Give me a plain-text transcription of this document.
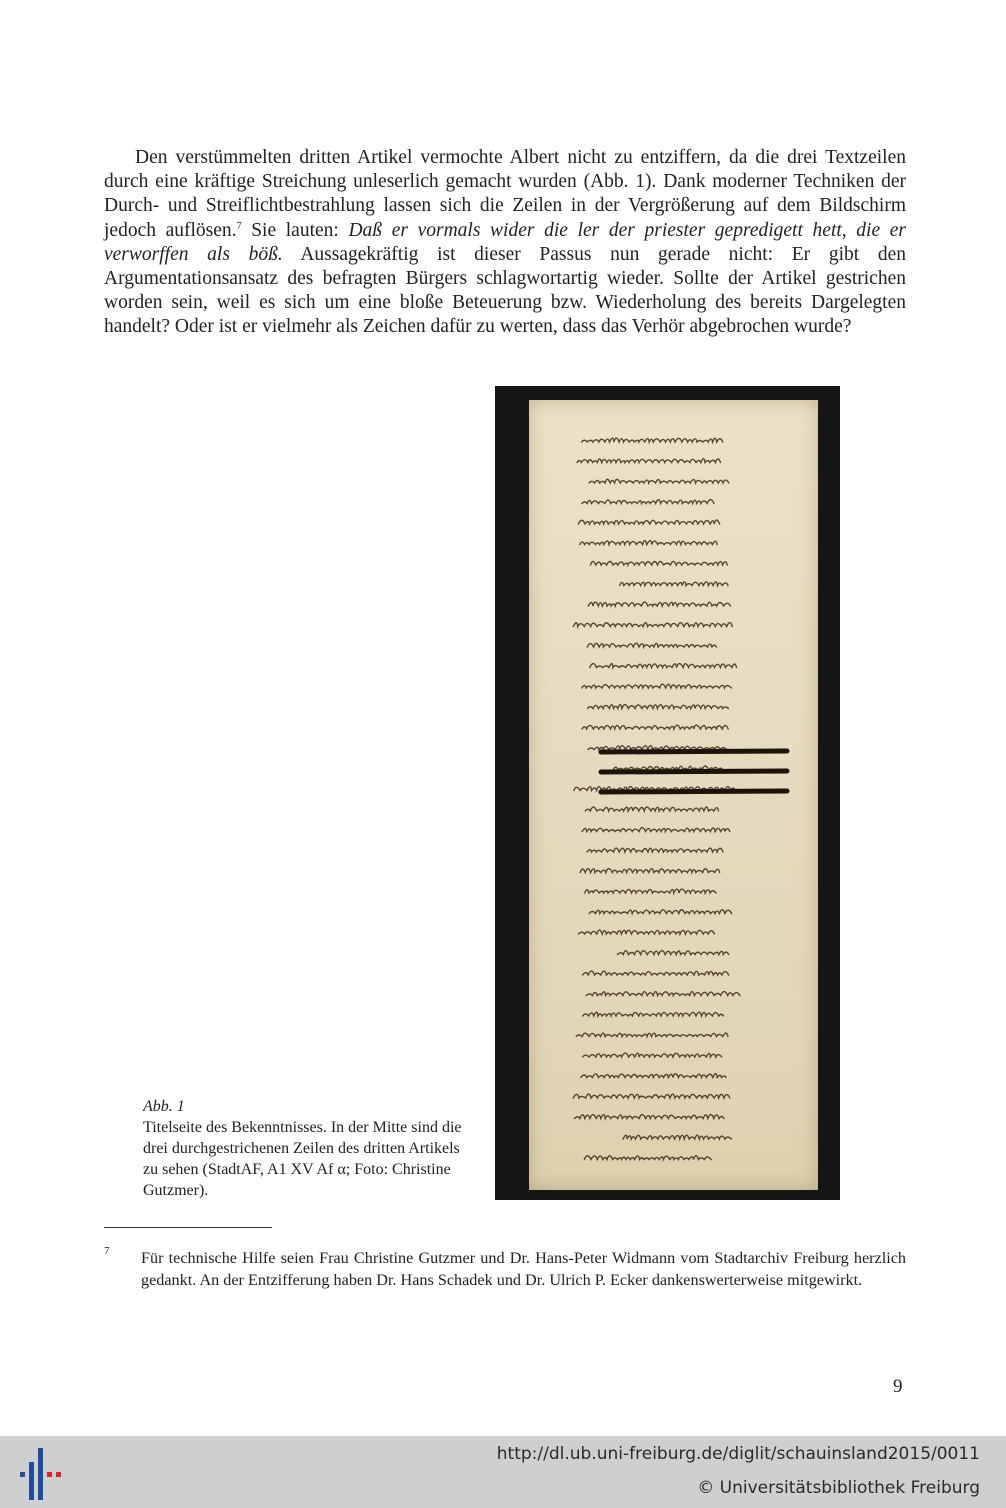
Den verstümmelten dritten Artikel vermochte Albert nicht zu entziffern, da die drei Textzeilen durch eine kräftige Streichung unleserlich gemacht wurden (Abb. 1). Dank moderner Techniken der Durch- und Streiflichtbestrahlung lassen sich die Zeilen in der Vergrößerung auf dem Bildschirm jedoch auflösen.$^7$ Sie lauten: Daß er vormals wider die ler der priester gepredigett hett, die er verworffen als böß. Aussagekräftig ist dieser Passus nun gerade nicht: Er gibt den Argumentationsansatz des befragten Bürgers schlagwortartig wieder. Sollte der Artikel gestrichen worden sein, weil es sich um eine bloße Beteuerung bzw. Wiederholung des bereits Dargelegten handelt? Oder ist er vielmehr als Zeichen dafür zu werten, dass das Verhör abgebrochen wurde?

Abb. 1
Titelseite des Bekenntnisses. In der Mitte sind die drei durchgestrichenen Zeilen des dritten Artikels zu sehen (StadtAF, A1 XV Af α; Foto: Christine Gutzmer).
7 Für technische Hilfe seien Frau Christine Gutzmer und Dr. Hans-Peter Widmann vom Stadtarchiv Freiburg herzlich gedankt. An der Entzifferung haben Dr. Hans Schadek und Dr. Ulrich P. Ecker dankenswerterweise mitgewirkt.

9
http://dl.ub.uni-freiburg.de/diglit/schauinsland2015/0011
© Universitätsbibliothek Freiburg
